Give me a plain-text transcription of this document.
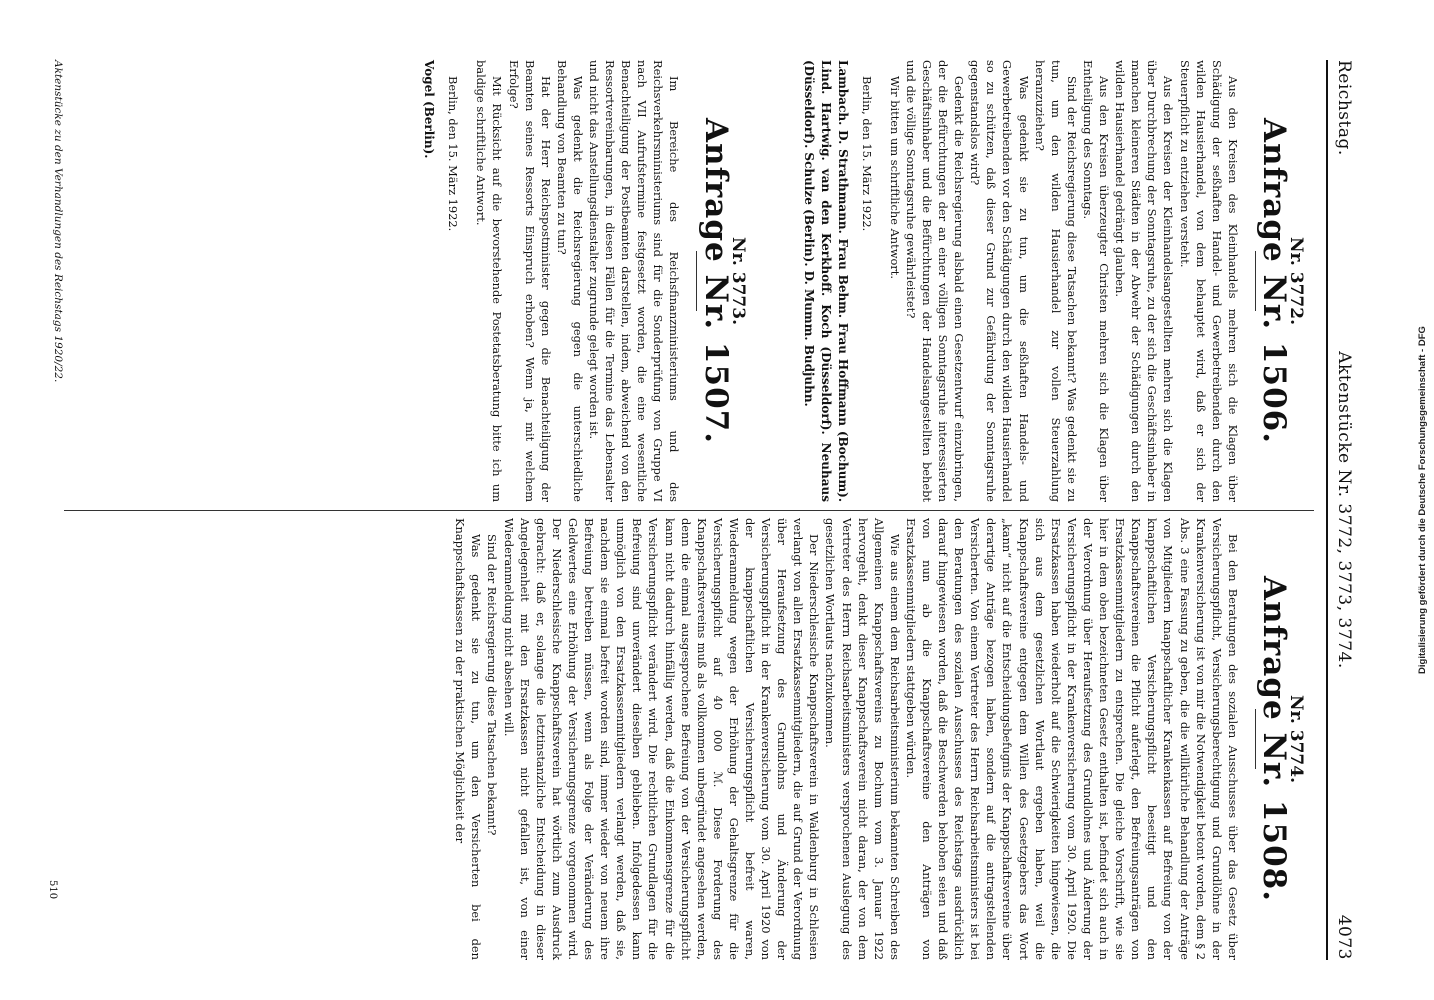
Reichstag.
Aktenstücke Nr. 3772, 3773, 3774.
4073
Nr. 3772.
Anfrage Nr. 1506.

Aus den Kreisen des Kleinhandels mehren sich die Klagen über Schädigung der seßhaften Handel- und Gewerbetreibenden durch den wilden Hausierhandel, von dem behauptet wird, daß er sich der Steuerpflicht zu entziehen versteht.

Aus den Kreisen der Kleinhandelsangestellten mehren sich die Klagen über Durchbrechung der Sonntagsruhe, zu der sich die Geschäftsinhaber in manchen kleineren Städten in der Abwehr der Schädigungen durch den wilden Hausierhandel gedrängt glauben.

Aus den Kreisen überzeugter Christen mehren sich die Klagen über Entheiligung des Sonntags.

Sind der Reichsregierung diese Tatsachen bekannt? Was gedenkt sie zu tun, um den wilden Hausierhandel zur vollen Steuerzahlung heranzuziehen?

Was gedenkt sie zu tun, um die seßhaften Handels- und Gewerbetreibenden vor den Schädigungen durch den wilden Hausierhandel so zu schützen, daß dieser Grund zur Gefährdung der Sonntagsruhe gegenstandslos wird?

Gedenkt die Reichsregierung alsbald einen Gesetzentwurf einzubringen, der die Befürchtungen der an einer völligen Sonntagsruhe interessierten Geschäftsinhaber und die Befürchtungen der Handelsangestellten behebt und die völlige Sonntagsruhe gewährleistet?

Wir bitten um schriftliche Antwort.

Berlin, den 15. März 1922.

Lambach. D. Strathmann. Frau Behm. Frau Hoffmann (Bochum). Lind. Hartwig. van den Kerkhoff. Koch (Düsseldorf). Neuhaus (Düsseldorf). Schulze (Berlin). D. Mumm. Budjuhn.

Nr. 3773.
Anfrage Nr. 1507.

Im Bereiche des Reichsfinanzministeriums und des Reichsverkehrsministeriums sind für die Sonderprüfung von Gruppe VI nach VII Aufrufstermine festgesetzt worden, die eine wesentliche Benachteiligung der Postbeamten darstellen, indem, abweichend von den Ressortvereinbarungen, in diesen Fällen für die Termine das Lebensalter und nicht das Anstellungsdienstalter zugrunde gelegt worden ist.

Was gedenkt die Reichsregierung gegen die unterschiedliche Behandlung von Beamten zu tun?

Hat der Herr Reichspostminister gegen die Benachteiligung der Beamten seines Ressorts Einspruch erhoben? Wenn ja, mit welchem Erfolge?

Mit Rücksicht auf die bevorstehende Postetatsberatung bitte ich um baldige schriftliche Antwort.

Berlin, den 15. März 1922.

Vogel (Berlin).

Nr. 3774.
Anfrage Nr. 1508.

Bei den Beratungen des sozialen Ausschusses über das Gesetz über Versicherungspflicht, Versicherungsberechtigung und Grundlöhne in der Krankenversicherung ist von mir die Notwendigkeit betont worden, dem § 2 Abs. 3 eine Fassung zu geben, die die willkürliche Behandlung der Anträge von Mitgliedern knappschaftlicher Krankenkassen auf Befreiung von der knappschaftlichen Versicherungspflicht beseitigt und den Knappschaftsvereinen die Pflicht auferlegt, den Befreiungsanträgen von Ersatzkassenmitgliedern zu entsprechen. Die gleiche Vorschrift, wie sie hier in dem oben bezeichneten Gesetz enthalten ist, befindet sich auch in der Verordnung über Heraufsetzung des Grundlohnes und Änderung der Versicherungspflicht in der Krankenversicherung vom 30. April 1920. Die Ersatzkassen haben wiederholt auf die Schwierigkeiten hingewiesen, die sich aus dem gesetzlichen Wortlaut ergeben haben, weil die Knappschaftsvereine entgegen dem Willen des Gesetzgebers das Wort „kann“ nicht auf die Entscheidungsbefugnis der Knappschaftsvereine über derartige Anträge bezogen haben, sondern auf die antragstellenden Versicherten. Von einem Vertreter des Herrn Reichsarbeitsministers ist bei den Beratungen des sozialen Ausschusses des Reichstags ausdrücklich darauf hingewiesen worden, daß die Beschwerden behoben seien und daß von nun ab die Knappschaftsvereine den Anträgen von Ersatzkassenmitgliedern stattgeben würden.

Wie aus einem dem Reichsarbeitsministerium bekannten Schreiben des Allgemeinen Knappschaftsvereins zu Bochum vom 3. Januar 1922 hervorgeht, denkt dieser Knappschaftsverein nicht daran, der von dem Vertreter des Herrn Reichsarbeitsministers versprochenen Auslegung des gesetzlichen Wortlauts nachzukommen.

Der Niederschlesische Knappschaftsverein in Waldenburg in Schlesien verlangt von allen Ersatzkassenmitgliedern, die auf Grund der Verordnung über Heraufsetzung des Grundlohns und Änderung der Versicherungspflicht in der Krankenversicherung vom 30. April 1920 von der knappschaftlichen Versicherungspflicht befreit waren, Wiederanmeldung wegen der Erhöhung der Gehaltsgrenze für die Versicherungspflicht auf 40 000 ℳ. Diese Forderung des Knappschaftsvereins muß als vollkommen unbegründet angesehen werden, denn die einmal ausgesprochene Befreiung von der Versicherungspflicht kann nicht dadurch hinfällig werden, daß die Einkommensgrenze für die Versicherungspflicht verändert wird. Die rechtlichen Grundlagen für die Befreiung sind unverändert dieselben geblieben. Infolgedessen kann unmöglich von den Ersatzkassenmitgliedern verlangt werden, daß sie, nachdem sie einmal befreit worden sind, immer wieder von neuem ihre Befreiung betreiben müssen, wenn als Folge der Veränderung des Geldwertes eine Erhöhung der Versicherungsgrenze vorgenommen wird. Der Niederschlesische Knappschaftsverein hat wörtlich zum Ausdruck gebracht: daß er, solange die letztinstanzliche Entscheidung in dieser Angelegenheit mit den Ersatzkassen nicht gefallen ist, von einer Wiederanmeldung nicht absehen will.

Sind der Reichsregierung diese Tatsachen bekannt?

Was gedenkt sie zu tun, um den Versicherten bei den Knappschaftskassen zu der praktischen Möglichkeit der

Aktenstücke zu den Verhandlungen des Reichstags 1920/22.
510
Digitalisierung gefördert durch die Deutsche Forschungsgemeinschaft - DFG
